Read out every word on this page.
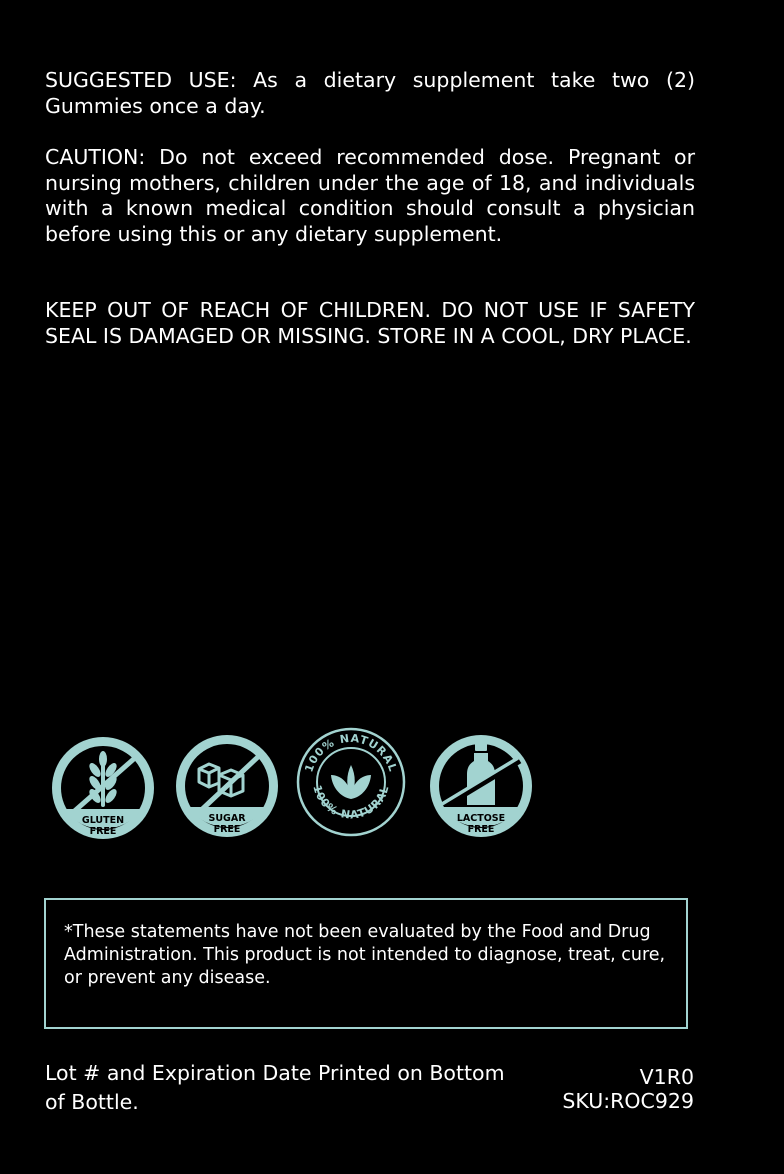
SUGGESTED USE: As a dietary supplement take two (2) Gummies once a day.

CAUTION: Do not exceed recommended dose. Pregnant or nursing mothers, children under the age of 18, and individuals with a known medical condition should consult a physician before using this or any dietary supplement.

KEEP OUT OF REACH OF CHILDREN. DO NOT USE IF SAFETY SEAL IS DAMAGED OR MISSING. STORE IN A COOL, DRY PLACE.

GLUTEN
FREE
SUGAR
FREE
100% NATURAL
100% NATURAL
LACTOSE
FREE

*These statements have not been evaluated by the Food and Drug Administration. This product is not intended to diagnose, treat, cure, or prevent any disease.

Lot # and Expiration Date Printed on Bottom of Bottle.

V1R0
SKU:ROC929
